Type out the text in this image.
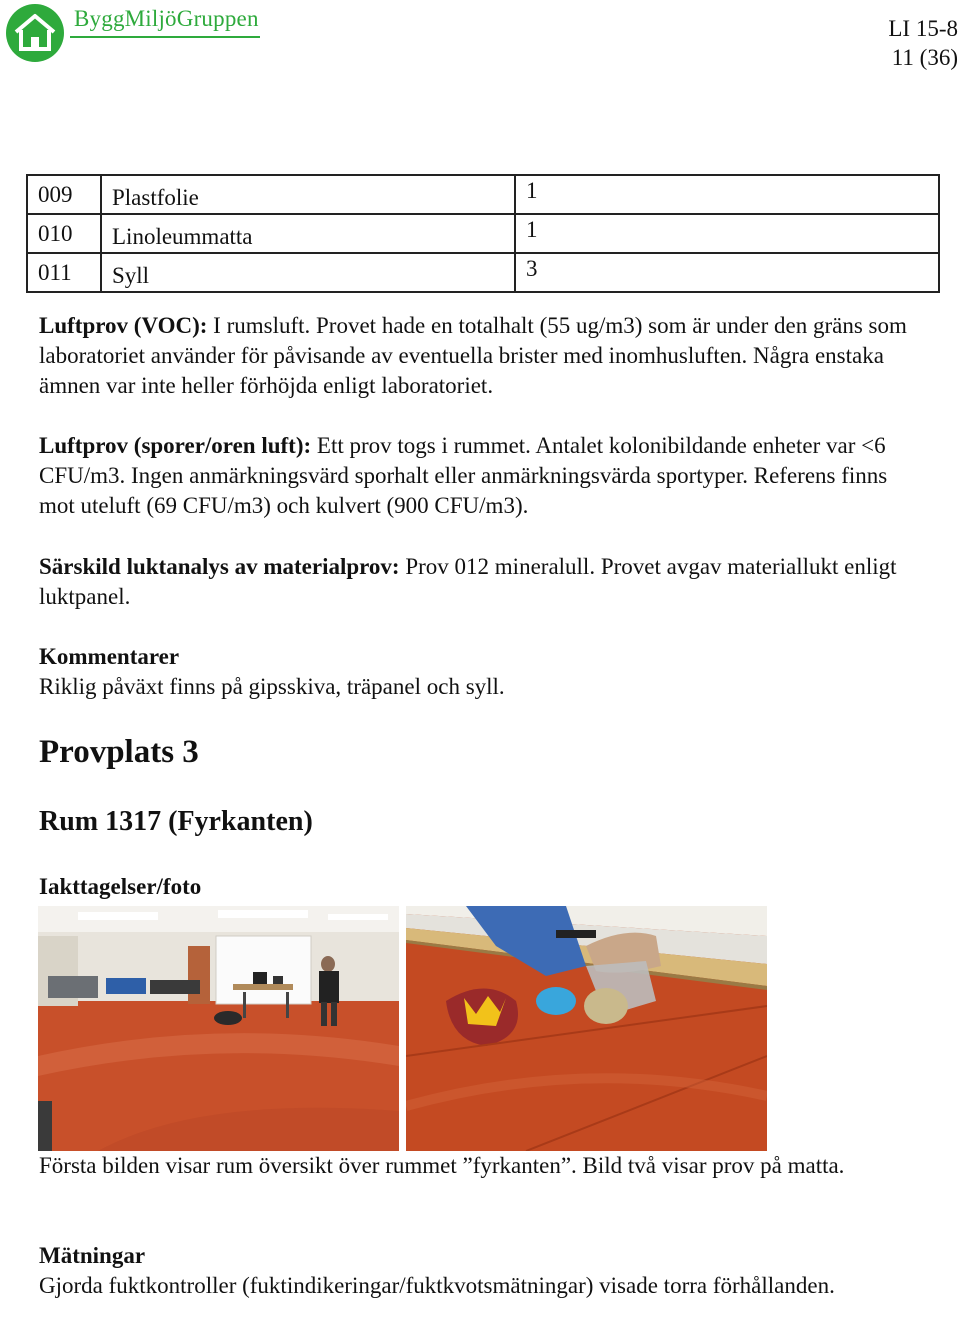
ByggMiljöGruppen	LI 15-8
11 (36)
009	Plastfolie	1
010	Linoleummatta	1
011	Syll	3

Luftprov (VOC): I rumsluft. Provet hade en totalhalt (55 ug/m3) som är under den gräns som laboratoriet använder för påvisande av eventuella brister med inomhusluften. Några enstaka ämnen var inte heller förhöjda enligt laboratoriet.

Luftprov (sporer/oren luft): Ett prov togs i rummet. Antalet kolonibildande enheter var <6 CFU/m3. Ingen anmärkningsvärd sporhalt eller anmärkningsvärda sportyper. Referens finns mot uteluft (69 CFU/m3) och kulvert (900 CFU/m3).

Särskild luktanalys av materialprov: Prov 012 mineralull. Provet avgav materiallukt enligt luktpanel.

Kommentarer

Riklig påväxt finns på gipsskiva, träpanel och syll.

Provplats 3
Rum 1317 (Fyrkanten)
Iakttagelser/foto

Första bilden visar rum översikt över rummet ”fyrkanten”. Bild två visar prov på matta.

Mätningar

Gjorda fuktkontroller (fuktindikeringar/fuktkvotsmätningar) visade torra förhållanden.
